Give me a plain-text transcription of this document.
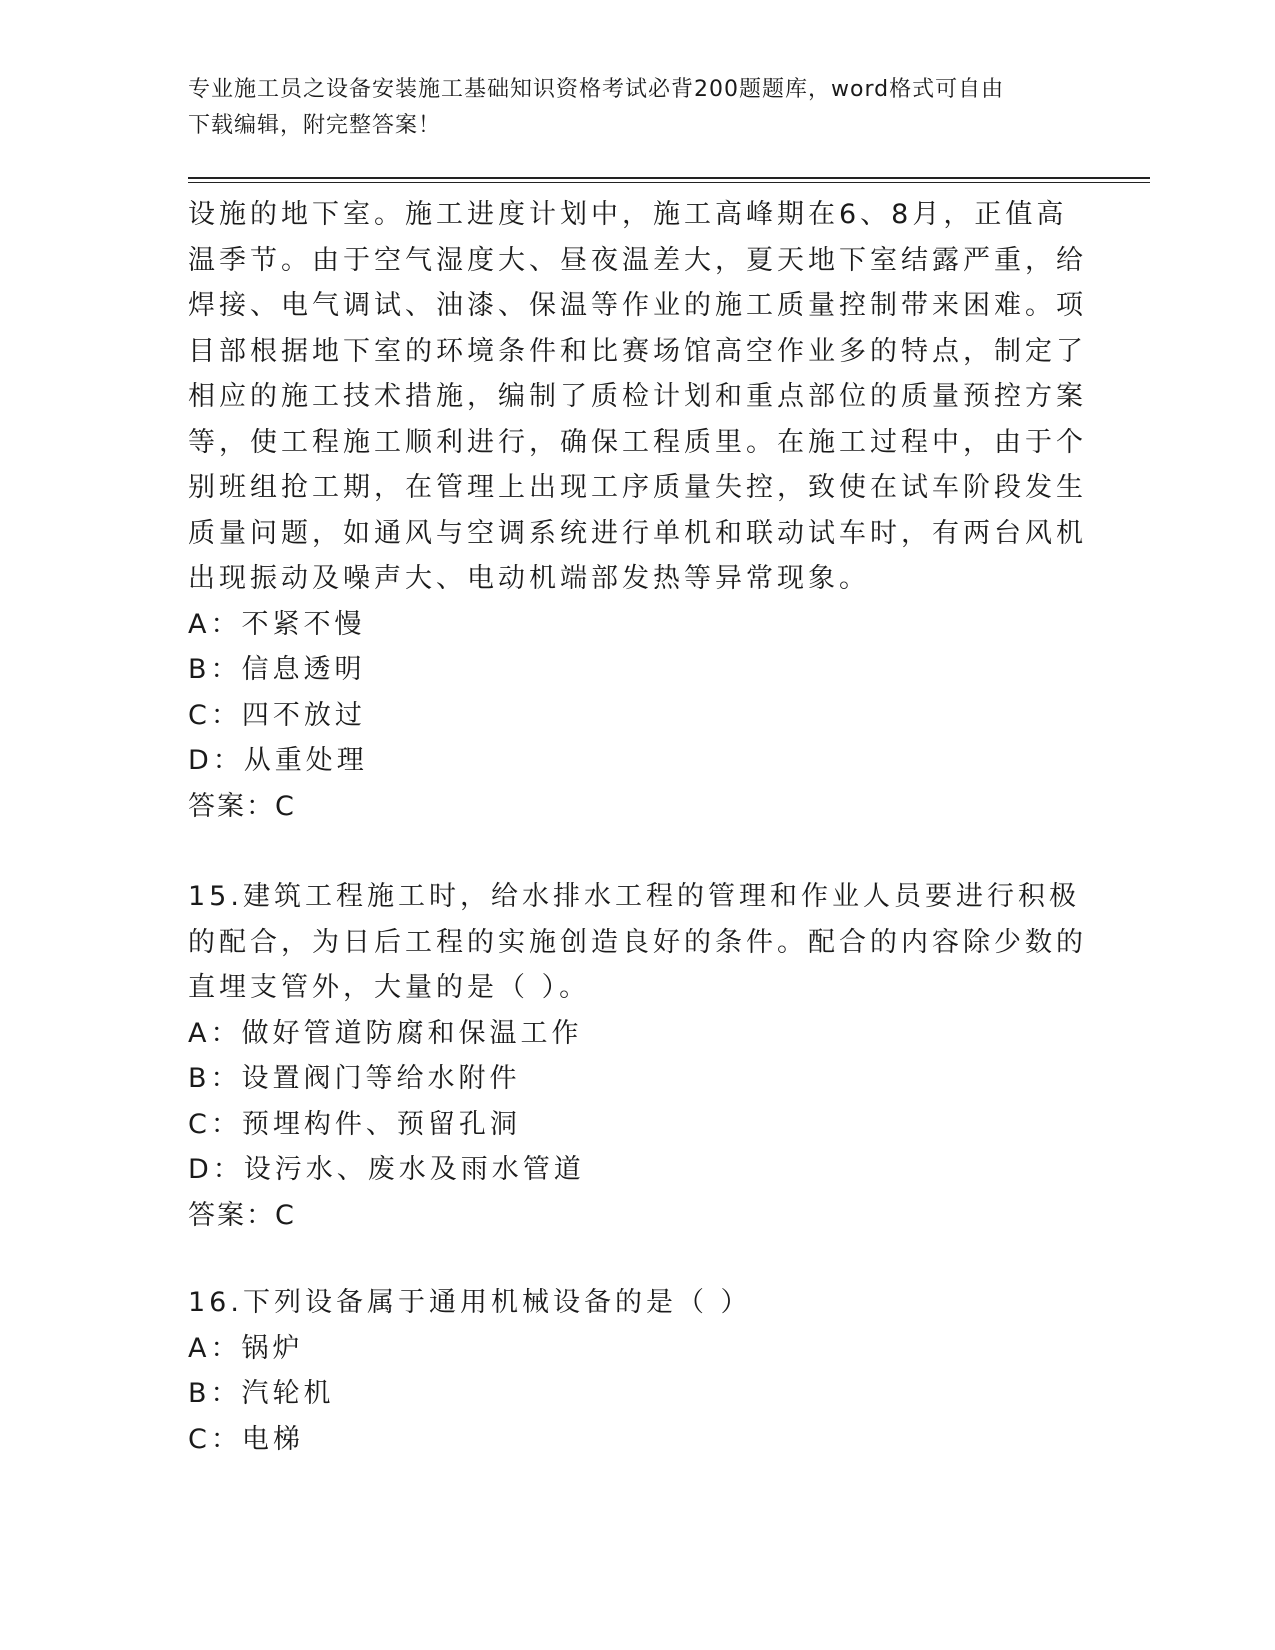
专业施工员之设备安装施工基础知识资格考试必背200题题库，word格式可自由
下载编辑，附完整答案！

设施的地下室。施工进度计划中，施工高峰期在6、8月，正值高温季节。由于空气湿度大、昼夜温差大，夏天地下室结露严重，给焊接、电气调试、油漆、保温等作业的施工质量控制带来困难。项目部根据地下室的环境条件和比赛场馆高空作业多的特点，制定了相应的施工技术措施，编制了质检计划和重点部位的质量预控方案等，使工程施工顺利进行，确保工程质里。在施工过程中，由于个别班组抢工期，在管理上出现工序质量失控，致使在试车阶段发生质量问题，如通风与空调系统进行单机和联动试车时，有两台风机出现振动及噪声大、电动机端部发热等异常现象。

A：不紧不慢

B：信息透明

C：四不放过

D：从重处理

答案：C

15.建筑工程施工时，给水排水工程的管理和作业人员要进行积极的配合，为日后工程的实施创造良好的条件。配合的内容除少数的直埋支管外，大量的是（ ）。

A：做好管道防腐和保温工作

B：设置阀门等给水附件

C：预埋构件、预留孔洞

D：设污水、废水及雨水管道

答案：C

16.下列设备属于通用机械设备的是（ ）

A：锅炉

B：汽轮机

C：电梯
